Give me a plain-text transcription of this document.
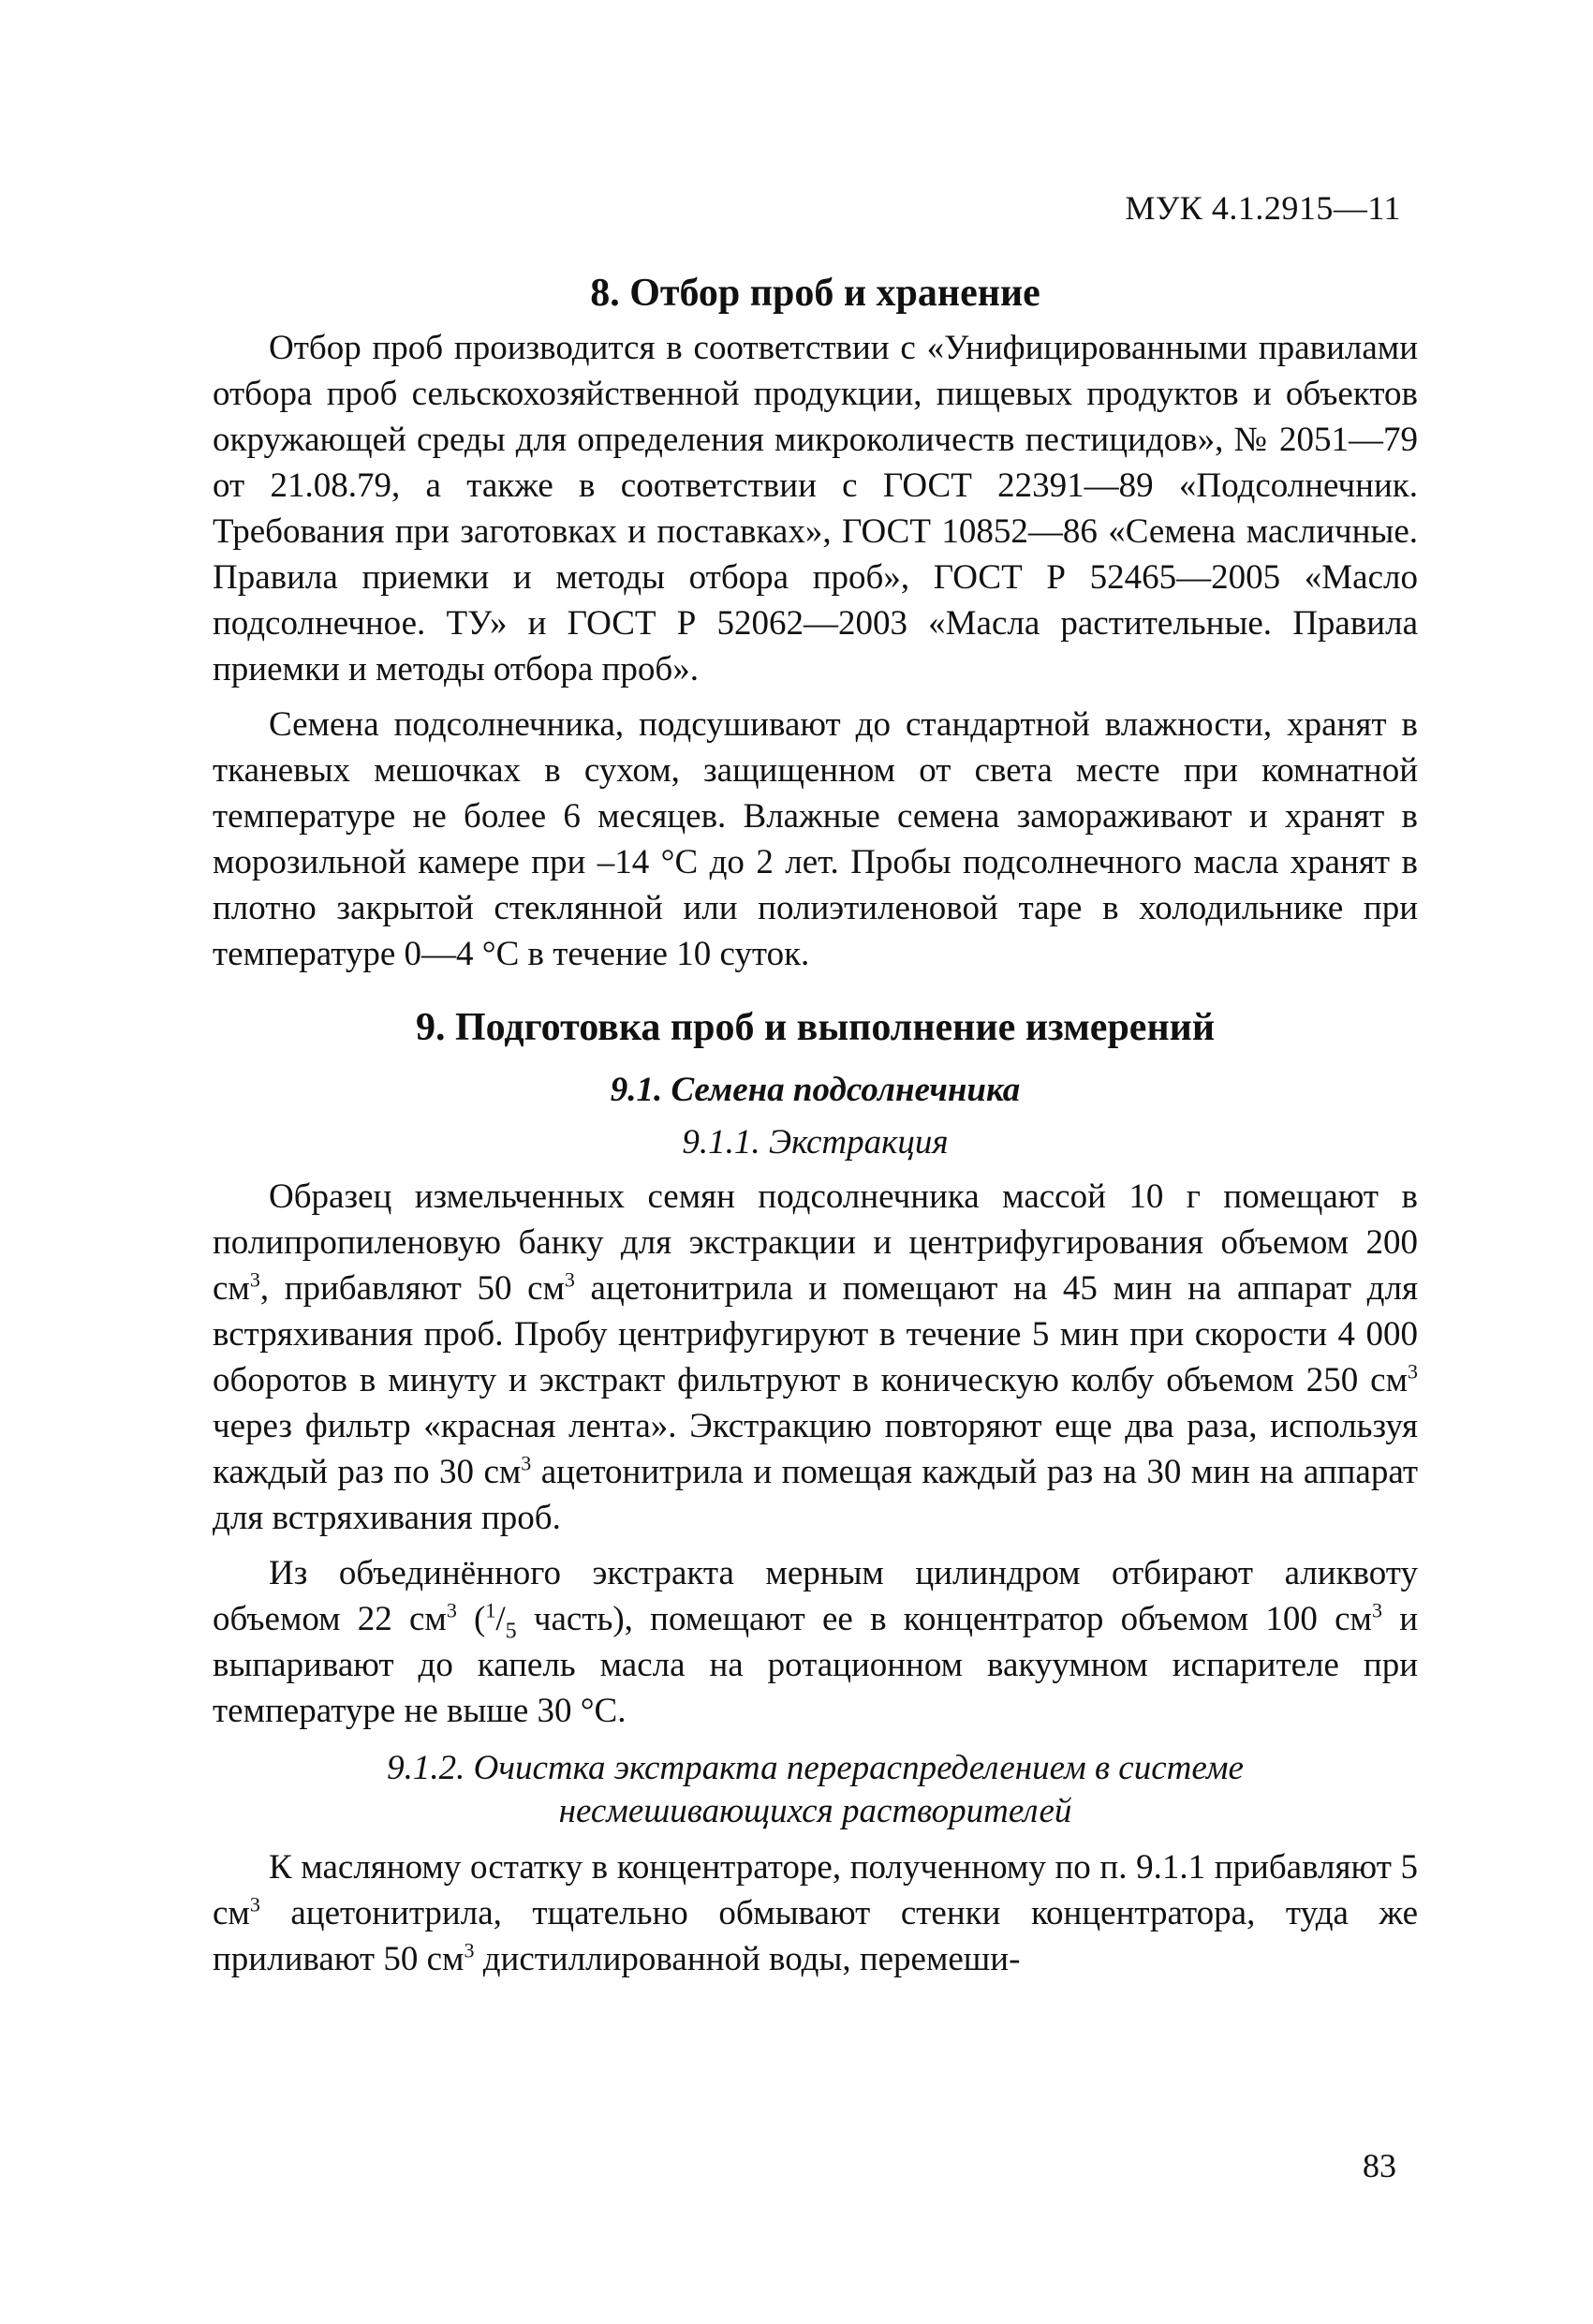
МУК 4.1.2915—11
8. Отбор проб и хранение

Отбор проб производится в соответствии с «Унифицированными правилами отбора проб сельскохозяйственной продукции, пищевых продуктов и объектов окружающей среды для определения микроколичеств пестицидов», № 2051—79 от 21.08.79, а также в соответствии с ГОСТ 22391—89 «Подсолнечник. Требования при заготовках и поставках», ГОСТ 10852—86 «Семена масличные. Правила приемки и методы отбора проб», ГОСТ Р 52465—2005 «Масло подсолнечное. ТУ» и ГОСТ Р 52062—2003 «Масла растительные. Правила приемки и методы отбора проб».

Семена подсолнечника, подсушивают до стандартной влажности, хранят в тканевых мешочках в сухом, защищенном от света месте при комнатной температуре не более 6 месяцев. Влажные семена замораживают и хранят в морозильной камере при –14 °С до 2 лет. Пробы подсолнечного масла хранят в плотно закрытой стеклянной или полиэтиленовой таре в холодильнике при температуре 0—4 °С в течение 10 суток.

9. Подготовка проб и выполнение измерений
9.1. Семена подсолнечника
9.1.1. Экстракция

Образец измельченных семян подсолнечника массой 10 г помещают в полипропиленовую банку для экстракции и центрифугирования объемом 200 $см^3$, прибавляют 50 $см^3$ ацетонитрила и помещают на 45 мин на аппарат для встряхивания проб. Пробу центрифугируют в течение 5 мин при скорости 4 000 оборотов в минуту и экстракт фильтруют в коническую колбу объемом 250 $см^3$ через фильтр «красная лента». Экстракцию повторяют еще два раза, используя каждый раз по 30 $см^3$ ацетонитрила и помещая каждый раз на 30 мин на аппарат для встряхивания проб.

Из объединённого экстракта мерным цилиндром отбирают аликвоту объемом 22 $см^3$ ($^1/_5$ часть), помещают ее в концентратор объемом 100 $см^3$ и выпаривают до капель масла на ротационном вакуумном испарителе при температуре не выше 30 °С.

9.1.2. Очистка экстракта перераспределением в системе
несмешивающихся растворителей

К масляному остатку в концентраторе, полученному по п. 9.1.1 прибавляют 5 $см^3$ ацетонитрила, тщательно обмывают стенки концентратора, туда же приливают 50 $см^3$ дистиллированной воды, перемеши-

83
